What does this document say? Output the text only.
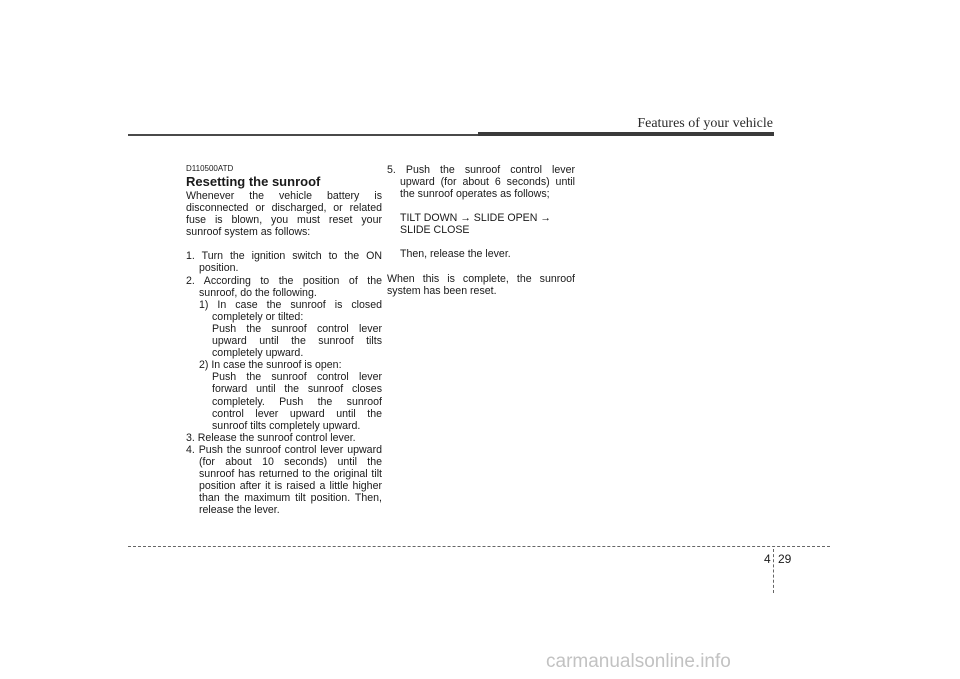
Features of your vehicle
D110500ATD
Resetting the sunroof

Whenever the vehicle battery is disconnected or discharged, or related fuse is blown, you must reset your sunroof system as follows:

1. Turn the ignition switch to the ON position.

2. According to the position of the sunroof, do the following.

1) In case the sunroof is closed completely or tilted:

Push the sunroof control lever upward until the sunroof tilts completely upward.

2) In case the sunroof is open:

Push the sunroof control lever forward until the sunroof closes completely. Push the sunroof control lever upward until the sunroof tilts completely upward.

3. Release the sunroof control lever.

4. Push the sunroof control lever upward (for about 10 seconds) until the sunroof has returned to the original tilt position after it is raised a little higher than the maximum tilt position. Then, release the lever.

5. Push the sunroof control lever upward (for about 6 seconds) until the sunroof operates as follows;

TILT DOWN → SLIDE OPEN → SLIDE CLOSE

Then, release the lever.

When this is complete, the sunroof system has been reset.

4 29
carmanualsonline.info
